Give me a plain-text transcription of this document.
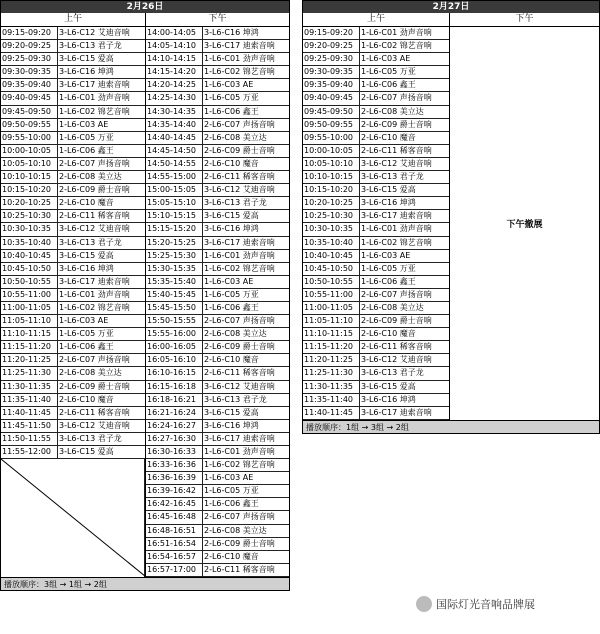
2月26日
上午	下午
09:15-09:20	3-L6-C12 艾迪音响
09:20-09:25	3-L6-C13 君子龙
09:25-09:30	3-L6-C15 爱高
09:30-09:35	3-L6-C16 坤鸿
09:35-09:40	3-L6-C17 迪索音响
09:40-09:45	1-L6-C01 劲声音响
09:45-09:50	1-L6-C02 锦艺音响
09:50-09:55	1-L6-C03 AE
09:55-10:00	1-L6-C05 万亚
10:00-10:05	1-L6-C06 鑫王
10:05-10:10	2-L6-C07 声扬音响
10:10-10:15	2-L6-C08 美立达
10:15-10:20	2-L6-C09 爵士音响
10:20-10:25	2-L6-C10 魔音
10:25-10:30	2-L6-C11 稀客音响
10:30-10:35	3-L6-C12 艾迪音响
10:35-10:40	3-L6-C13 君子龙
10:40-10:45	3-L6-C15 爱高
10:45-10:50	3-L6-C16 坤鸿
10:50-10:55	3-L6-C17 迪索音响
10:55-11:00	1-L6-C01 劲声音响
11:00-11:05	1-L6-C02 锦艺音响
11:05-11:10	1-L6-C03 AE
11:10-11:15	1-L6-C05 万亚
11:15-11:20	1-L6-C06 鑫王
11:20-11:25	2-L6-C07 声扬音响
11:25-11:30	2-L6-C08 美立达
11:30-11:35	2-L6-C09 爵士音响
11:35-11:40	2-L6-C10 魔音
11:40-11:45	2-L6-C11 稀客音响
11:45-11:50	3-L6-C12 艾迪音响
11:50-11:55	3-L6-C13 君子龙
11:55-12:00	3-L6-C15 爱高
14:00-14:05	3-L6-C16 坤鸿
14:05-14:10	3-L6-C17 迪索音响
14:10-14:15	1-L6-C01 劲声音响
14:15-14:20	1-L6-C02 锦艺音响
14:20-14:25	1-L6-C03 AE
14:25-14:30	1-L6-C05 万亚
14:30-14:35	1-L6-C06 鑫王
14:35-14:40	2-L6-C07 声扬音响
14:40-14:45	2-L6-C08 美立达
14:45-14:50	2-L6-C09 爵士音响
14:50-14:55	2-L6-C10 魔音
14:55-15:00	2-L6-C11 稀客音响
15:00-15:05	3-L6-C12 艾迪音响
15:05-15:10	3-L6-C13 君子龙
15:10-15:15	3-L6-C15 爱高
15:15-15:20	3-L6-C16 坤鸿
15:20-15:25	3-L6-C17 迪索音响
15:25-15:30	1-L6-C01 劲声音响
15:30-15:35	1-L6-C02 锦艺音响
15:35-15:40	1-L6-C03 AE
15:40-15:45	1-L6-C05 万亚
15:45-15:50	1-L6-C06 鑫王
15:50-15:55	2-L6-C07 声扬音响
15:55-16:00	2-L6-C08 美立达
16:00-16:05	2-L6-C09 爵士音响
16:05-16:10	2-L6-C10 魔音
16:10-16:15	2-L6-C11 稀客音响
16:15-16:18	3-L6-C12 艾迪音响
16:18-16:21	3-L6-C13 君子龙
16:21-16:24	3-L6-C15 爱高
16:24-16:27	3-L6-C16 坤鸿
16:27-16:30	3-L6-C17 迪索音响
16:30-16:33	1-L6-C01 劲声音响
16:33-16:36	1-L6-C02 锦艺音响
16:36-16:39	1-L6-C03 AE
16:39-16:42	1-L6-C05 万亚
16:42-16:45	1-L6-C06 鑫王
16:45-16:48	2-L6-C07 声扬音响
16:48-16:51	2-L6-C08 美立达
16:51-16:54	2-L6-C09 爵士音响
16:54-16:57	2-L6-C10 魔音
16:57-17:00	2-L6-C11 稀客音响
播放顺序：3组 → 1组 → 2组
2月27日
上午	下午
09:15-09:20	1-L6-C01 劲声音响
09:20-09:25	1-L6-C02 锦艺音响
09:25-09:30	1-L6-C03 AE
09:30-09:35	1-L6-C05 万亚
09:35-09:40	1-L6-C06 鑫王
09:40-09:45	2-L6-C07 声扬音响
09:45-09:50	2-L6-C08 美立达
09:50-09:55	2-L6-C09 爵士音响
09:55-10:00	2-L6-C10 魔音
10:00-10:05	2-L6-C11 稀客音响
10:05-10:10	3-L6-C12 艾迪音响
10:10-10:15	3-L6-C13 君子龙
10:15-10:20	3-L6-C15 爱高
10:20-10:25	3-L6-C16 坤鸿
10:25-10:30	3-L6-C17 迪索音响
10:30-10:35	1-L6-C01 劲声音响
10:35-10:40	1-L6-C02 锦艺音响
10:40-10:45	1-L6-C03 AE
10:45-10:50	1-L6-C05 万亚
10:50-10:55	1-L6-C06 鑫王
10:55-11:00	2-L6-C07 声扬音响
11:00-11:05	2-L6-C08 美立达
11:05-11:10	2-L6-C09 爵士音响
11:10-11:15	2-L6-C10 魔音
11:15-11:20	2-L6-C11 稀客音响
11:20-11:25	3-L6-C12 艾迪音响
11:25-11:30	3-L6-C13 君子龙
11:30-11:35	3-L6-C15 爱高
11:35-11:40	3-L6-C16 坤鸿
11:40-11:45	3-L6-C17 迪索音响
下午撤展
播放顺序：1组 → 3组 → 2组
国际灯光音响品牌展
